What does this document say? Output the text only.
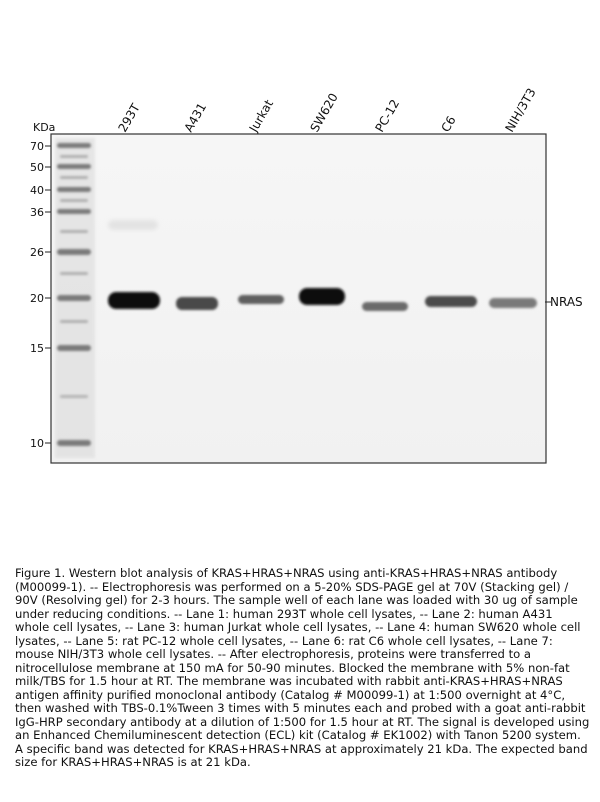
293T	A431	Jurkat	SW620	PC-12	C6	NIH/3T3
KDa
70
50
40
36
26
20
15
10
NRAS

Figure 1. Western blot analysis of KRAS+HRAS+NRAS using anti-KRAS+HRAS+NRAS antibody (M00099-1). -- Electrophoresis was performed on a 5-20% SDS-PAGE gel at 70V (Stacking gel) / 90V (Resolving gel) for 2-3 hours. The sample well of each lane was loaded with 30 ug of sample under reducing conditions. -- Lane 1: human 293T whole cell lysates, -- Lane 2: human A431 whole cell lysates, -- Lane 3: human Jurkat whole cell lysates, -- Lane 4: human SW620 whole cell lysates, -- Lane 5: rat PC-12 whole cell lysates, -- Lane 6: rat C6 whole cell lysates, -- Lane 7: mouse NIH/3T3 whole cell lysates. -- After electrophoresis, proteins were transferred to a nitrocellulose membrane at 150 mA for 50-90 minutes. Blocked the membrane with 5% non-fat milk/TBS for 1.5 hour at RT. The membrane was incubated with rabbit anti-KRAS+HRAS+NRAS antigen affinity purified monoclonal antibody (Catalog # M00099-1) at 1:500 overnight at 4°C, then washed with TBS-0.1%Tween 3 times with 5 minutes each and probed with a goat anti-rabbit IgG-HRP secondary antibody at a dilution of 1:500 for 1.5 hour at RT. The signal is developed using an Enhanced Chemiluminescent detection (ECL) kit (Catalog # EK1002) with Tanon 5200 system. A specific band was detected for KRAS+HRAS+NRAS at approximately 21 kDa. The expected band size for KRAS+HRAS+NRAS is at 21 kDa.
